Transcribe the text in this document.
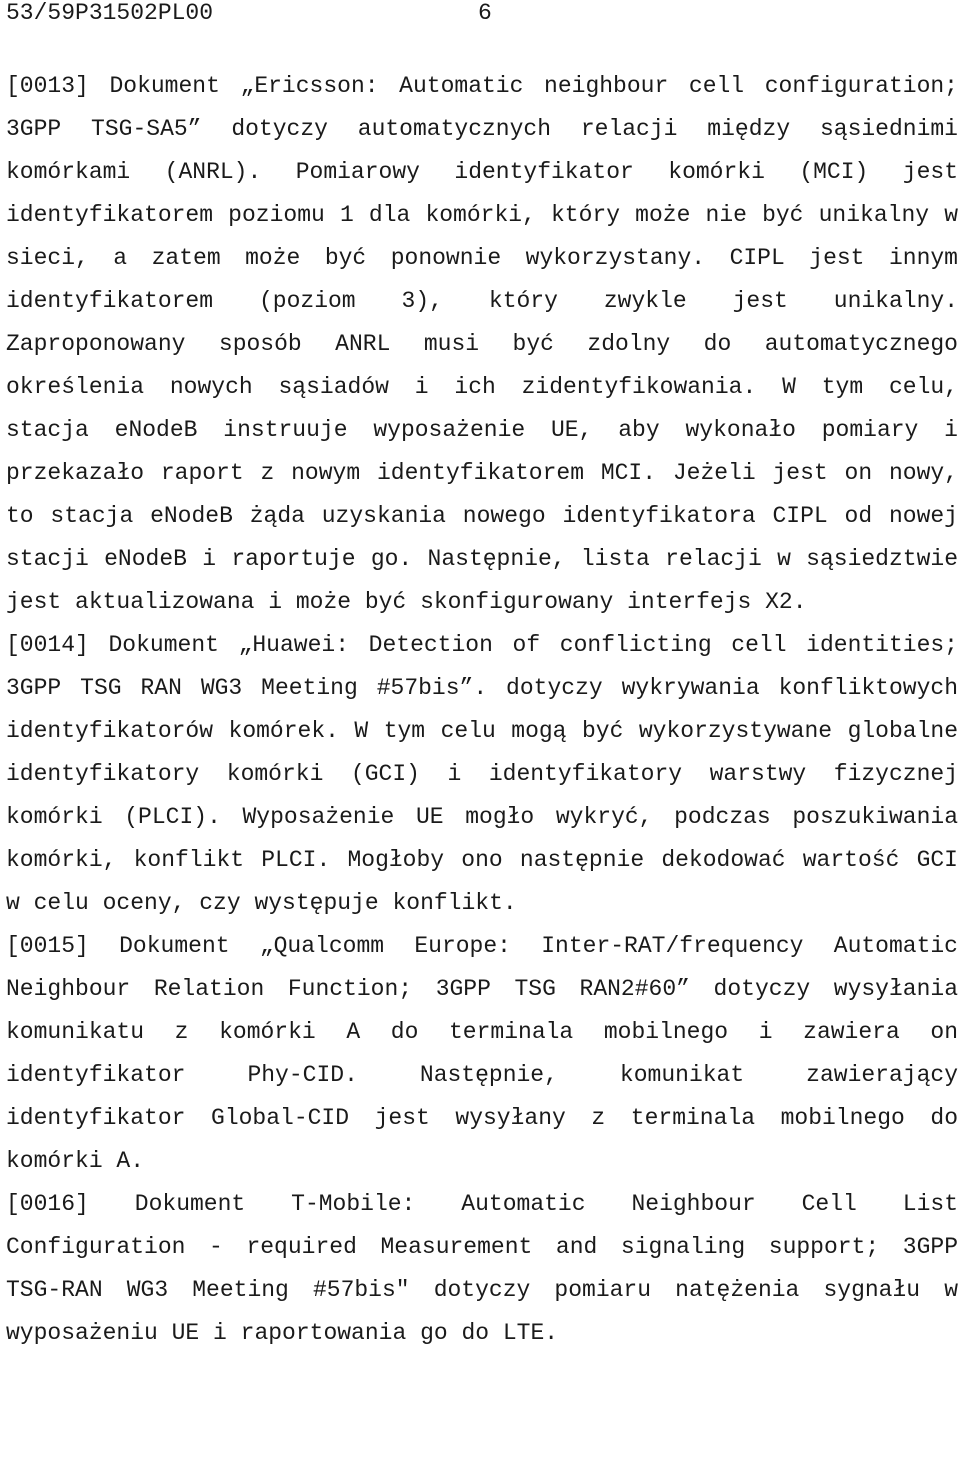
53/59P31502PL00

	6

[0013] Dokument „Ericsson: Automatic neighbour cell configuration; 3GPP TSG-SA5” dotyczy automatycznych relacji między sąsiednimi komórkami (ANRL). Pomiarowy identyfikator komórki (MCI) jest identyfikatorem poziomu 1 dla komórki, który może nie być unikalny w sieci, a zatem może być ponownie wykorzystany. CIPL jest innym identyfikatorem (poziom 3), który zwykle jest unikalny. Zaproponowany sposób ANRL musi być zdolny do automatycznego określenia nowych sąsiadów i ich zidentyfikowania. W tym celu, stacja eNodeB instruuje wyposażenie UE, aby wykonało pomiary i przekazało raport z nowym identyfikatorem MCI. Jeżeli jest on nowy, to stacja eNodeB żąda uzyskania nowego identyfikatora CIPL od nowej stacji eNodeB i raportuje go. Następnie, lista relacji w sąsiedztwie jest aktualizowana i może być skonfigurowany interfejs X2.

[0014] Dokument „Huawei: Detection of conflicting cell identities; 3GPP TSG RAN WG3 Meeting #57bis”. dotyczy wykrywania konfliktowych identyfikatorów komórek. W tym celu mogą być wykorzystywane globalne identyfikatory komórki (GCI) i identyfikatory warstwy fizycznej komórki (PLCI). Wyposażenie UE mogło wykryć, podczas poszukiwania komórki, konflikt PLCI. Mogłoby ono następnie dekodować wartość GCI w celu oceny, czy występuje konflikt.

[0015] Dokument „Qualcomm Europe: Inter-RAT/frequency Automatic Neighbour Relation Function; 3GPP TSG RAN2#60” dotyczy wysyłania komunikatu z komórki A do terminala mobilnego i zawiera on identyfikator Phy-CID. Następnie, komunikat zawierający identyfikator Global-CID jest wysyłany z terminala mobilnego do komórki A.

[0016] Dokument T-Mobile: Automatic Neighbour Cell List Configuration - required Measurement and signaling support; 3GPP TSG-RAN WG3 Meeting #57bis" dotyczy pomiaru natężenia sygnału w wyposażeniu UE i raportowania go do LTE.
